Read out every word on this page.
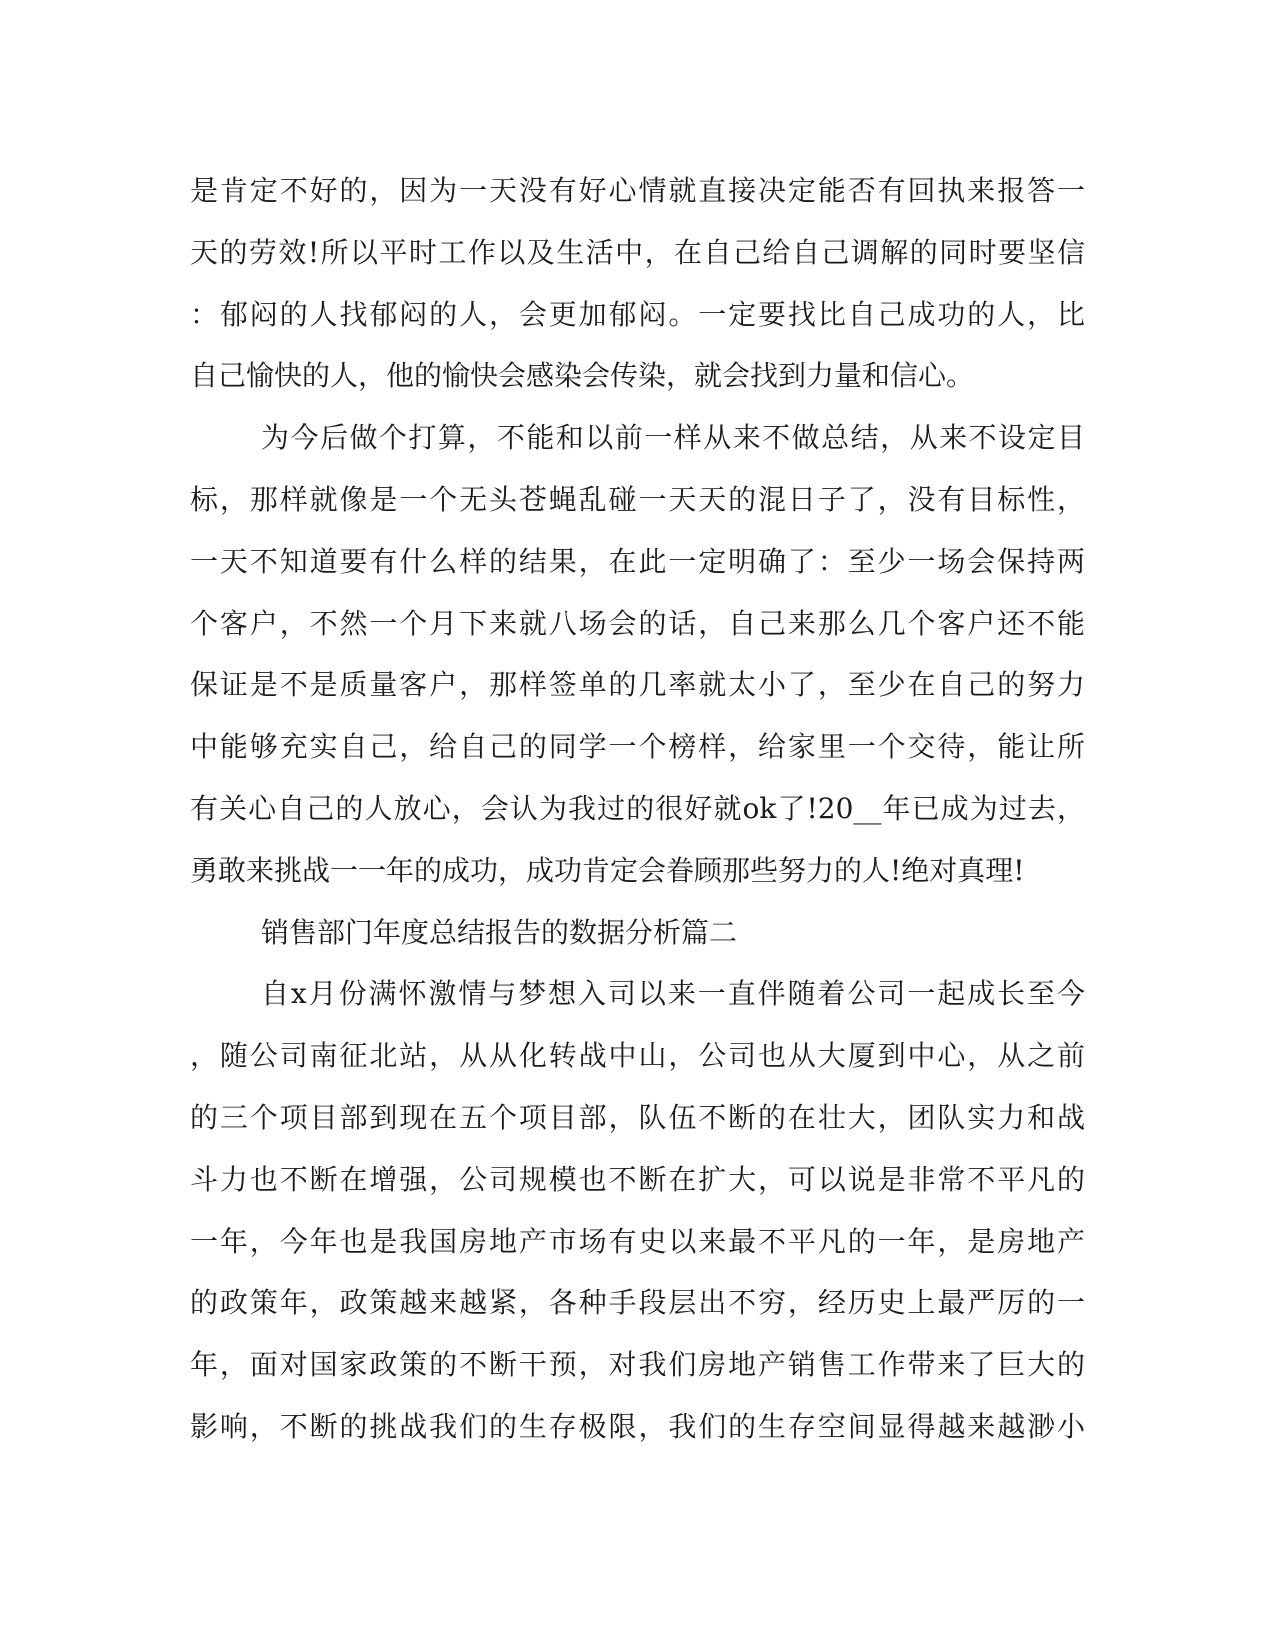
是肯定不好的，因为一天没有好心情就直接决定能否有回执来报答一
天的劳效!所以平时工作以及生活中，在自己给自己调解的同时要坚信
：郁闷的人找郁闷的人，会更加郁闷。一定要找比自己成功的人，比
自己愉快的人，他的愉快会感染会传染，就会找到力量和信心。
为今后做个打算，不能和以前一样从来不做总结，从来不设定目
标，那样就像是一个无头苍蝇乱碰一天天的混日子了，没有目标性，
一天不知道要有什么样的结果，在此一定明确了：至少一场会保持两
个客户，不然一个月下来就八场会的话，自己来那么几个客户还不能
保证是不是质量客户，那样签单的几率就太小了，至少在自己的努力
中能够充实自己，给自己的同学一个榜样，给家里一个交待，能让所
有关心自己的人放心，会认为我过的很好就ok了!20__年已成为过去，
勇敢来挑战一一年的成功，成功肯定会眷顾那些努力的人!绝对真理!
销售部门年度总结报告的数据分析篇二
自x月份满怀激情与梦想入司以来一直伴随着公司一起成长至今
，随公司南征北站，从从化转战中山，公司也从大厦到中心，从之前
的三个项目部到现在五个项目部，队伍不断的在壮大，团队实力和战
斗力也不断在增强，公司规模也不断在扩大，可以说是非常不平凡的
一年，今年也是我国房地产市场有史以来最不平凡的一年，是房地产
的政策年，政策越来越紧，各种手段层出不穷，经历史上最严厉的一
年，面对国家政策的不断干预，对我们房地产销售工作带来了巨大的
影响，不断的挑战我们的生存极限，我们的生存空间显得越来越渺小
